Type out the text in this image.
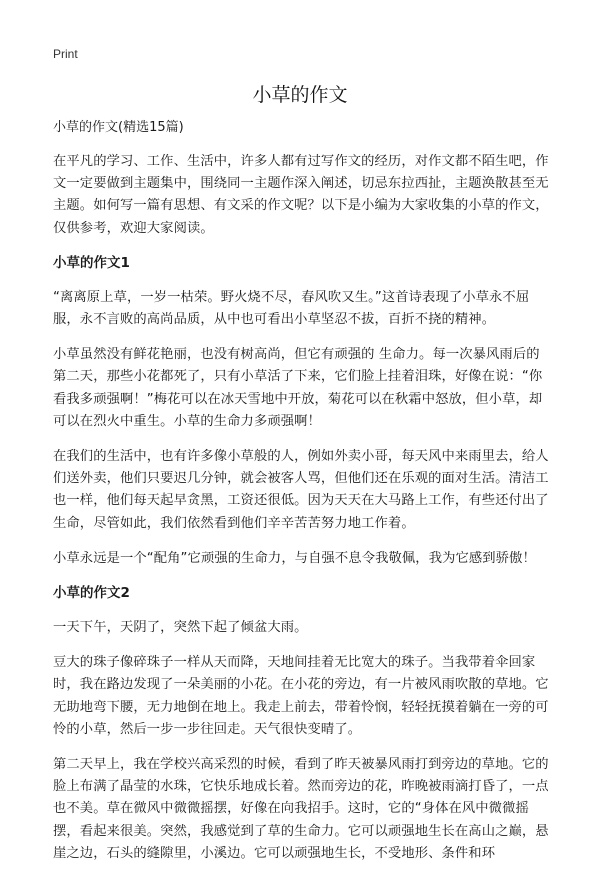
Print
小草的作文

小草的作文(精选15篇)

在平凡的学习、工作、生活中，许多人都有过写作文的经历，对作文都不陌生吧，作文一定要做到主题集中，围绕同一主题作深入阐述，切忌东拉西扯，主题涣散甚至无主题。如何写一篇有思想、有文采的作文呢？以下是小编为大家收集的小草的作文，仅供参考，欢迎大家阅读。

小草的作文1

“离离原上草，一岁一枯荣。野火烧不尽，春风吹又生。”这首诗表现了小草永不屈服，永不言败的高尚品质，从中也可看出小草坚忍不拔，百折不挠的精神。

小草虽然没有鲜花艳丽，也没有树高尚，但它有顽强的 生命力。每一次暴风雨后的第二天，那些小花都死了，只有小草活了下来，它们脸上挂着泪珠，好像在说：“你看我多顽强啊！”梅花可以在冰天雪地中开放，菊花可以在秋霜中怒放，但小草，却可以在烈火中重生。小草的生命力多顽强啊！

在我们的生活中，也有许多像小草般的人，例如外卖小哥，每天风中来雨里去，给人们送外卖，他们只要迟几分钟，就会被客人骂，但他们还在乐观的面对生活。清洁工也一样，他们每天起早贪黑，工资还很低。因为天天在大马路上工作，有些还付出了生命，尽管如此，我们依然看到他们辛辛苦苦努力地工作着。

小草永远是一个“配角”它顽强的生命力，与自强不息令我敬佩，我为它感到骄傲！

小草的作文2

一天下午，天阴了，突然下起了倾盆大雨。

豆大的珠子像碎珠子一样从天而降，天地间挂着无比宽大的珠子。当我带着伞回家时，我在路边发现了一朵美丽的小花。在小花的旁边，有一片被风雨吹散的草地。它无助地弯下腰，无力地倒在地上。我走上前去，带着怜悯，轻轻抚摸着躺在一旁的可怜的小草，然后一步一步往回走。天气很快变晴了。

第二天早上，我在学校兴高采烈的时候，看到了昨天被暴风雨打到旁边的草地。它的脸上布满了晶莹的水珠，它快乐地成长着。然而旁边的花，昨晚被雨滴打昏了，一点也不美。草在微风中微微摇摆，好像在向我招手。这时，它的“身体在风中微微摇摆，看起来很美。突然，我感觉到了草的生命力。它可以顽强地生长在高山之巅，悬崖之边，石头的缝隙里，小溪边。它可以顽强地生长，不受地形、条件和环
